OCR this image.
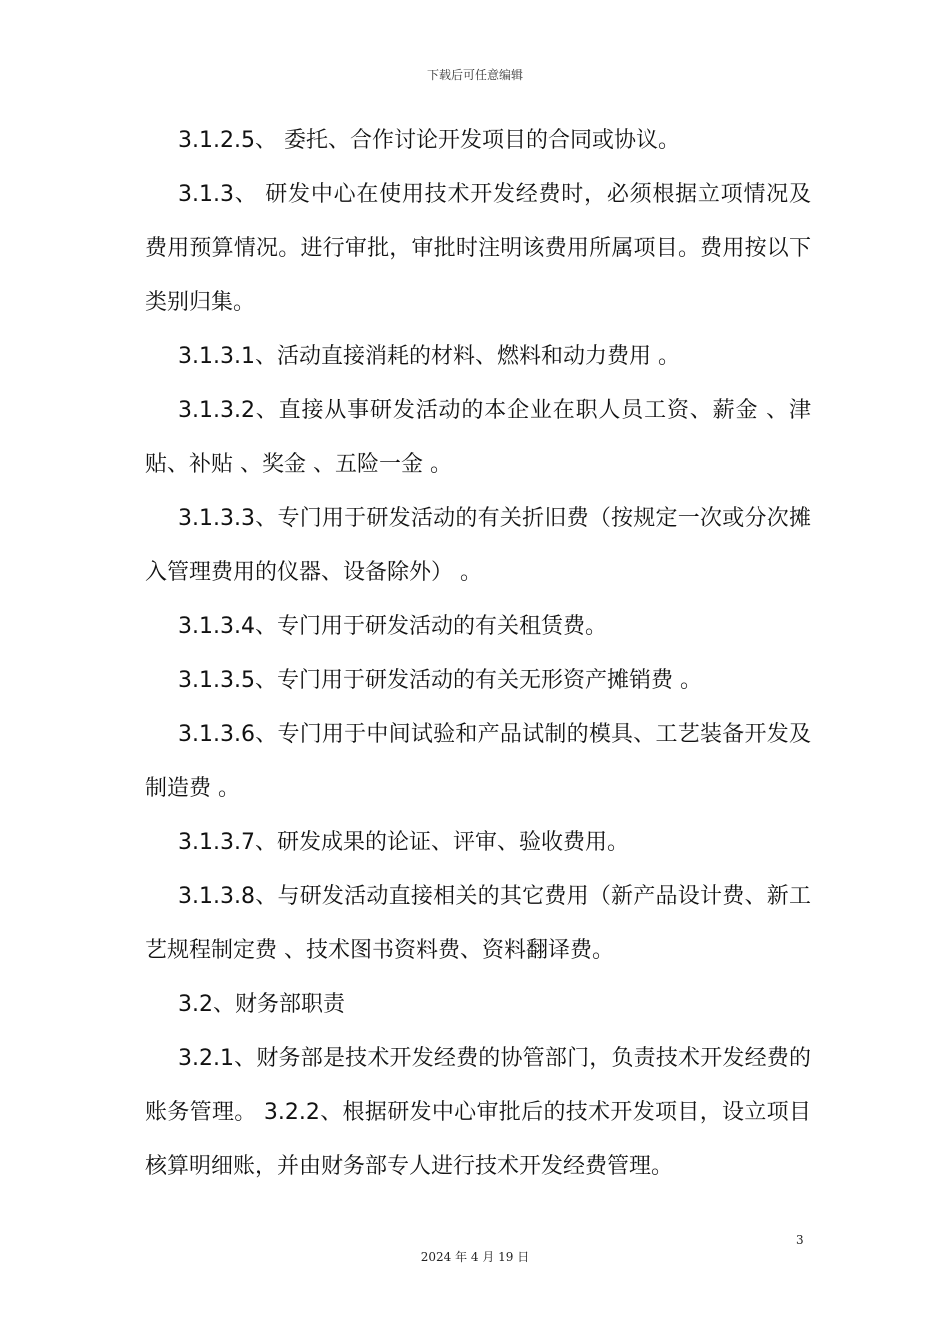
下载后可任意编辑

3.1.2.5、 委托、合作讨论开发项目的合同或协议。

3.1.3、 研发中心在使用技术开发经费时，必须根据立项情况及费用预算情况。进行审批，审批时注明该费用所属项目。费用按以下类别归集。

3.1.3.1、活动直接消耗的材料、燃料和动力费用 。

3.1.3.2、直接从事研发活动的本企业在职人员工资、薪金 、津贴、补贴 、奖金 、五险一金 。

3.1.3.3、专门用于研发活动的有关折旧费（按规定一次或分次摊入管理费用的仪器、设备除外） 。

3.1.3.4、专门用于研发活动的有关租赁费。

3.1.3.5、专门用于研发活动的有关无形资产摊销费 。

3.1.3.6、专门用于中间试验和产品试制的模具、工艺装备开发及制造费 。

3.1.3.7、研发成果的论证、评审、验收费用。

3.1.3.8、与研发活动直接相关的其它费用（新产品设计费、新工艺规程制定费 、技术图书资料费、资料翻译费。

3.2、财务部职责

3.2.1、财务部是技术开发经费的协管部门，负责技术开发经费的账务管理。 3.2.2、根据研发中心审批后的技术开发项目，设立项目核算明细账，并由财务部专人进行技术开发经费管理。

3
2024 年 4 月 19 日
